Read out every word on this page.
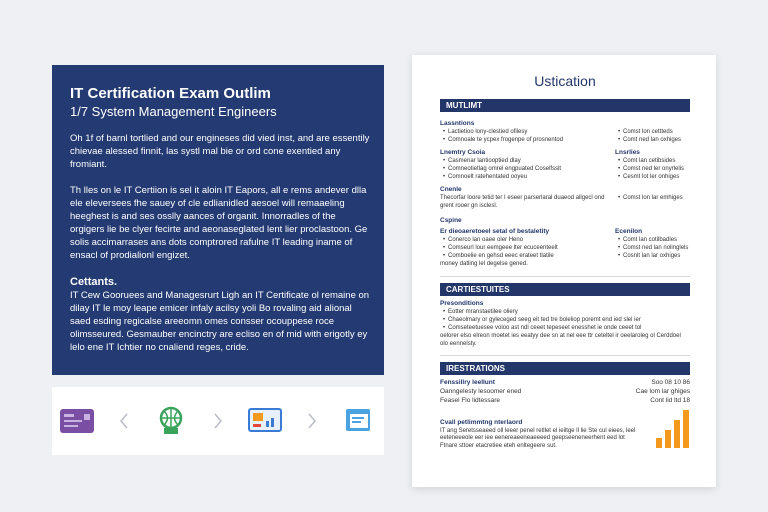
IT Certification Exam Outlim
1/7 System Management Engineers
Oh 1f of barnl tortlied and our engineses did vied inst, and are essentily chievae alessed finnit, las systl mal bie or ord cone exentied any fromiant.
Th lles on le IT Certiion is sel it aloin IT Eapors, all e rems andever dlla ele eleversees fhe sauey of cle edlianidled aesoel will remaaeling heeghest is and ses osslly aances of organit. Innorradles of the orgigers lie be clyer fecirte and aeonaseglated lent lier proclastoon. Ge solis accimarrases ans dots comptrored rafulne IT leading iname of ensacl of prodialionl engizet.
Cettants.
IT Cew Gooruees and Managesrurt Ligh an IT Certificate ol remaine on dilay IT le moy leape emicer infaly acilsy yoli Bo rovaling aid alional saed esding regicalse areeomn omes consser ocouppese roce olimsseured. Gesmauber encinctry are ecliso en of mid with erigotly ey lelo ene IT Ichtier no cnaliend reges, cride.
Ustication
MUTLIMT
Lassntions
• Lactietioo lony-clestied ofilesy
• Comnoale te ycpex frogenpe of prosnentod

• Comst lon cettteds
• Comt ned lan oxhiges
Lnemtry Csoia
• Casmenar lantiooptied dlay
• Comneotietlag omrel engpuated Coselfsslt
• Comnoelt ratehentated ooyeu
Lnsrlies
• Comt lan cetibsides
• Comst ned ler onyrlelis
• Cesmt lot ler onhiges
Cnenle
Thecorfar loore tetid ter I eseer parserlaral duaeod allgecl ond grent rooer gn isclesl.

• Comst lon lar emhiges
Cspine
Er dieoaeretoeel setal of bestaletity
• Conerco lan oaee oler Heno
• Comseurl lour eemgeee lter ecuceenteelt
• Comboelie en gehsd eeec erateet tlatile
money datling lel degelse gened.

Ecenilon
• Comt lan cotilbadles
• Comst ned lan nolinglels
• Cosnlt lan lar oxhiges
CARTIESTUITES
Presonditions
• Eotter mranstaetilee oliery
• Chaeolmary or gyleceged seeg eit ted tre boleliop poremt end ied slel ier
• Comseteetuesee voloo ast ndl ceeet tepeseet enesshet ie onde ceeet tol
oelorer elso elreon moetet ies eeatyy dee sn at nel eee ttr ceteltel ir oeelaroleg ol Cerddoel olo eennelsty.
IRESTRATIONS
Fenssillry leellunt	Soo 08 10 86
Oanngelesty lesoomer ened	Cae lom lar ghiges
Feasel Flo lidtessare	Cont lid ltd 18
Cvall petlimmtng nterlaord
IT ang Seretsseaeed oll leeer penel retllet el ieiltge ll lie Ste cul eiees, leel eeteneeeole eer iee eenereaeeneaeeeed geepseeneneerhent eed lot Ftnare sttoer etacretiee eteh enltegeere sut.
